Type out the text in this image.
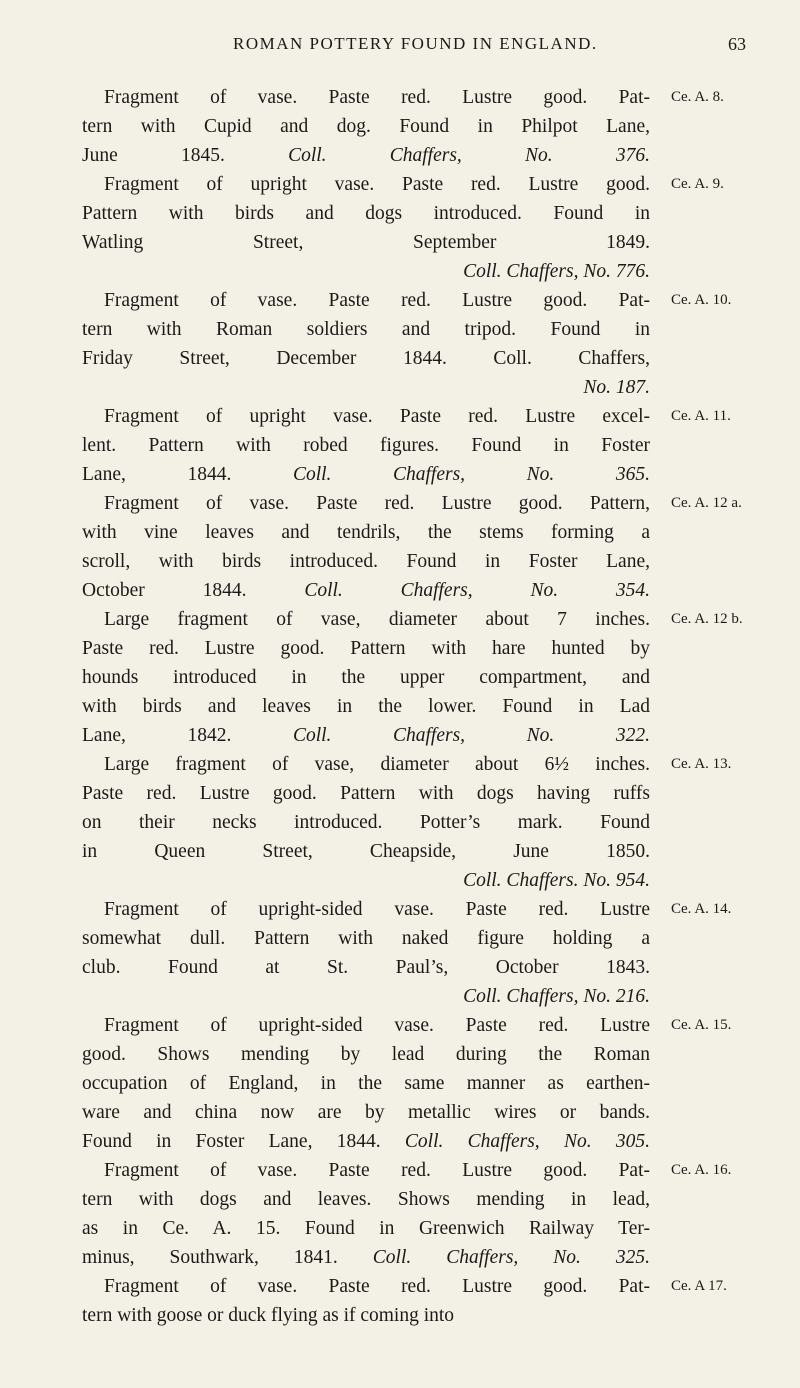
ROMAN POTTERY FOUND IN ENGLAND.	63
Ce. A. 8.
Fragment of vase. Paste red. Lustre good. Pat-
tern with Cupid and dog. Found in Philpot Lane,
June 1845.	Coll. Chaffers, No. 376.
Ce. A. 9.
Fragment of upright vase. Paste red. Lustre good.
Pattern with birds and dogs introduced. Found in
Watling Street, September 1849.
Coll. Chaffers, No. 776.
Ce. A. 10.
Fragment of vase. Paste red. Lustre good. Pat-
tern with Roman soldiers and tripod. Found in
Friday Street, December 1844. Coll. Chaffers,
No. 187.
Ce. A. 11.
Fragment of upright vase. Paste red. Lustre excel-
lent. Pattern with robed figures. Found in Foster
Lane, 1844.	Coll. Chaffers, No. 365.
Ce. A. 12 a.
Fragment of vase. Paste red. Lustre good. Pattern,
with vine leaves and tendrils, the stems forming a
scroll, with birds introduced. Found in Foster Lane,
October 1844.	Coll. Chaffers, No. 354.
Ce. A. 12 b.
Large fragment of vase, diameter about 7 inches.
Paste red. Lustre good. Pattern with hare hunted by
hounds introduced in the upper compartment, and
with birds and leaves in the lower. Found in Lad
Lane, 1842.	Coll. Chaffers, No. 322.
Ce. A. 13.
Large fragment of vase, diameter about 6½ inches.
Paste red. Lustre good. Pattern with dogs having ruffs
on their necks introduced. Potter’s mark. Found
in Queen Street, Cheapside, June 1850.
Coll. Chaffers. No. 954.
Ce. A. 14.
Fragment of upright-sided vase. Paste red. Lustre
somewhat dull. Pattern with naked figure holding a
club. Found at St. Paul’s, October 1843.
Coll. Chaffers, No. 216.
Ce. A. 15.
Fragment of upright-sided vase. Paste red. Lustre
good. Shows mending by lead during the Roman
occupation of England, in the same manner as earthen-
ware and china now are by metallic wires or bands.
Found in Foster Lane, 1844. Coll. Chaffers, No. 305.
Ce. A. 16.
Fragment of vase. Paste red. Lustre good. Pat-
tern with dogs and leaves. Shows mending in lead,
as in Ce. A. 15. Found in Greenwich Railway Ter-
minus, Southwark, 1841. Coll. Chaffers, No. 325.
Ce. A 17.
Fragment of vase. Paste red. Lustre good. Pat-
tern with goose or duck flying as if coming into
